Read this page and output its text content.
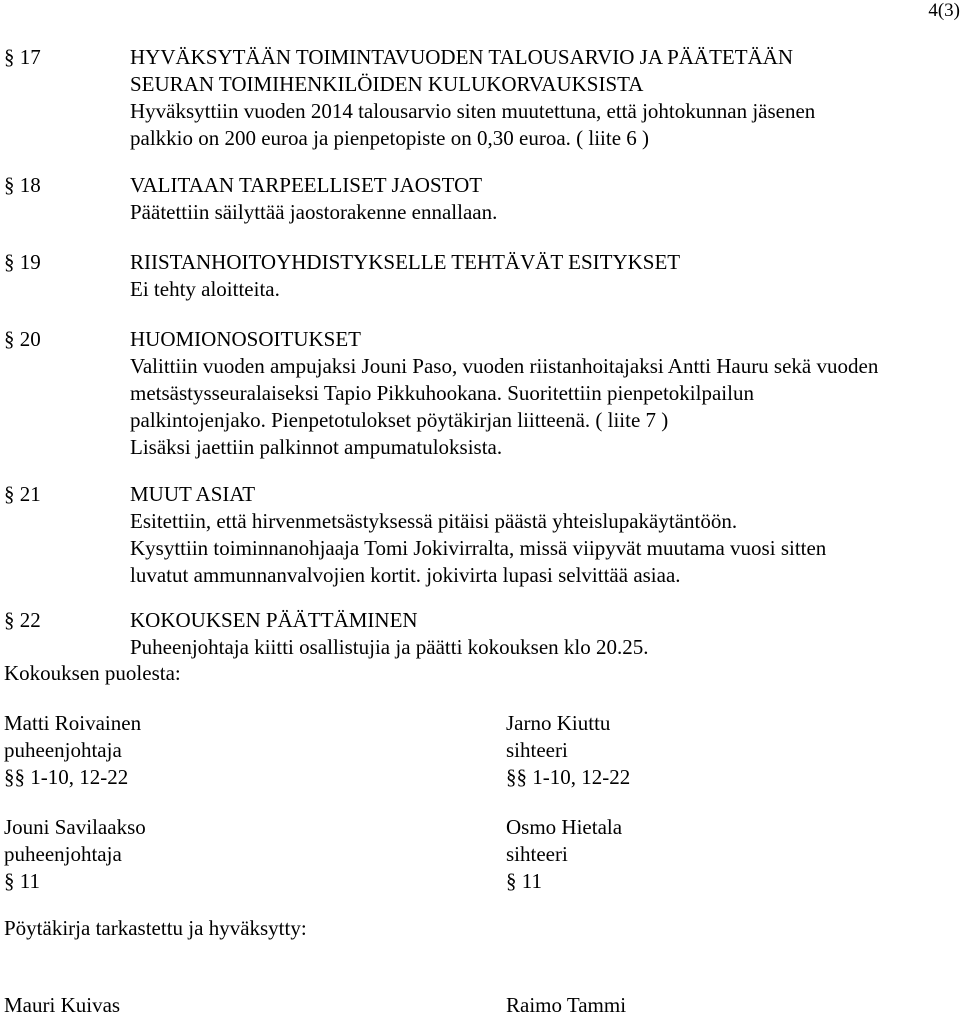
4(3)
§ 17	HYVÄKSYTÄÄN TOIMINTAVUODEN TALOUSARVIO JA PÄÄTETÄÄN
SEURAN TOIMIHENKILÖIDEN KULUKORVAUKSISTA
Hyväksyttiin vuoden 2014 talousarvio siten muutettuna, että johtokunnan jäsenen
palkkio on 200 euroa ja pienpetopiste on 0,30 euroa. ( liite 6 )
§ 18	VALITAAN TARPEELLISET JAOSTOT
Päätettiin säilyttää jaostorakenne ennallaan.
§ 19	RIISTANHOITOYHDISTYKSELLE TEHTÄVÄT ESITYKSET
Ei tehty aloitteita.
§ 20	HUOMIONOSOITUKSET
Valittiin vuoden ampujaksi Jouni Paso, vuoden riistanhoitajaksi Antti Hauru sekä vuoden
metsästysseuralaiseksi Tapio Pikkuhookana. Suoritettiin pienpetokilpailun
palkintojenjako. Pienpetotulokset pöytäkirjan liitteenä. ( liite 7 )
Lisäksi jaettiin palkinnot ampumatuloksista.
§ 21	MUUT ASIAT
Esitettiin, että hirvenmetsästyksessä pitäisi päästä yhteislupakäytäntöön.
Kysyttiin toiminnanohjaaja Tomi Jokivirralta, missä viipyvät muutama vuosi sitten
luvatut ammunnanvalvojien kortit. jokivirta lupasi selvittää asiaa.
§ 22	KOKOUKSEN PÄÄTTÄMINEN
Puheenjohtaja kiitti osallistujia ja päätti kokouksen klo 20.25.
Kokouksen puolesta:
Matti Roivainen
puheenjohtaja
§§ 1-10, 12-22
Jarno Kiuttu
sihteeri
§§ 1-10, 12-22
Jouni Savilaakso
puheenjohtaja
§ 11
Osmo Hietala
sihteeri
§ 11
Pöytäkirja tarkastettu ja hyväksytty:
Mauri Kuivas	Raimo Tammi
